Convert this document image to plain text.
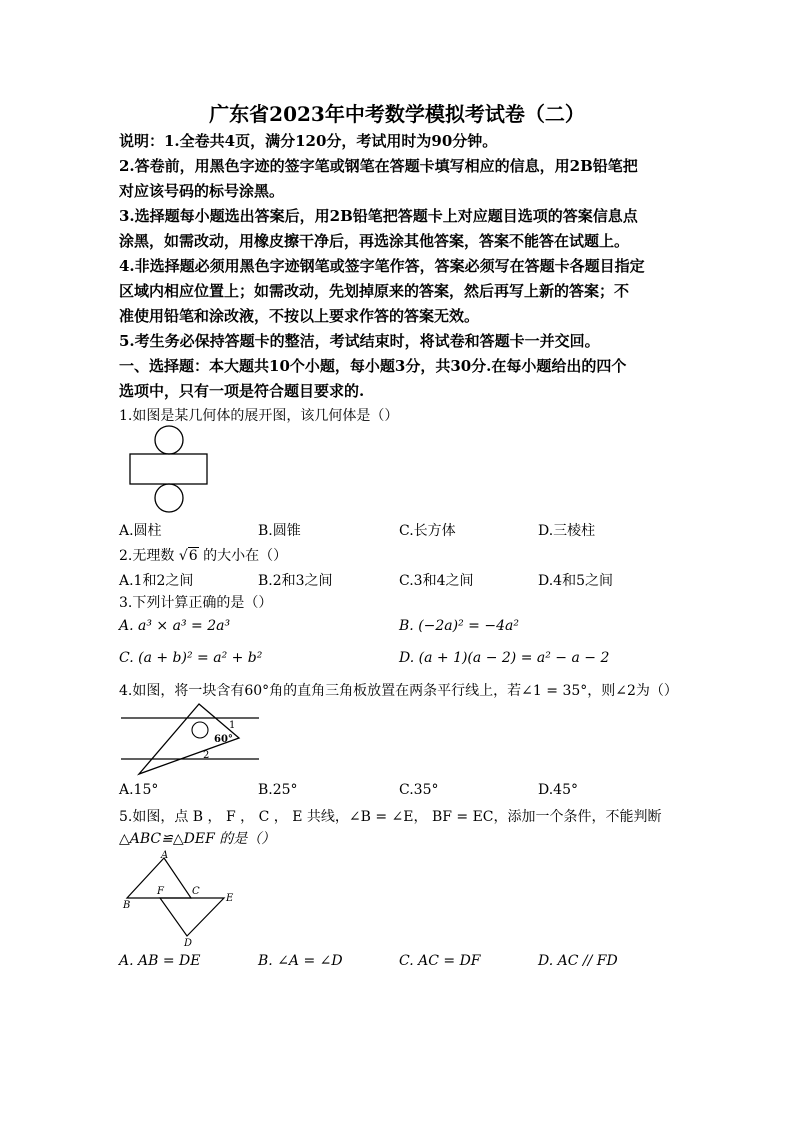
广东省2023年中考数学模拟考试卷（二）
说明：1.全卷共4页，满分120分，考试用时为90分钟。
2.答卷前，用黑色字迹的签字笔或钢笔在答题卡填写相应的信息，用2B铅笔把
对应该号码的标号涂黑。
3.选择题每小题选出答案后，用2B铅笔把答题卡上对应题目选项的答案信息点
涂黑，如需改动，用橡皮擦干净后，再选涂其他答案，答案不能答在试题上。
4.非选择题必须用黑色字迹钢笔或签字笔作答，答案必须写在答题卡各题目指定
区域内相应位置上；如需改动，先划掉原来的答案，然后再写上新的答案；不
准使用铅笔和涂改液，不按以上要求作答的答案无效。
5.考生务必保持答题卡的整洁，考试结束时，将试卷和答题卡一并交回。
一、选择题：本大题共10个小题，每小题3分，共30分.在每小题给出的四个
选项中，只有一项是符合题目要求的.
1.如图是某几何体的展开图，该几何体是（）
A.圆柱	B.圆锥	C.长方体	D.三棱柱
2.无理数 √6 的大小在（）
A.1和2之间	B.2和3之间	C.3和4之间	D.4和5之间
3.下列计算正确的是（）
A. a³ × a³ = 2a³	B. (−2a)² = −4a²
C. (a + b)² = a² + b²	D. (a + 1)(a − 2) = a² − a − 2
4.如图，将一块含有60°角的直角三角板放置在两条平行线上，若∠1 = 35°，则∠2为（）
60°
1
2
A.15°	B.25°	C.35°	D.45°
5.如图，点 B ， F ， C ， E 共线，∠B = ∠E， BF = EC，添加一个条件，不能判断
△ABC≌△DEF 的是（）
A
B
F	C
E
D
A. AB = DE	B. ∠A = ∠D	C. AC = DF	D. AC // FD
